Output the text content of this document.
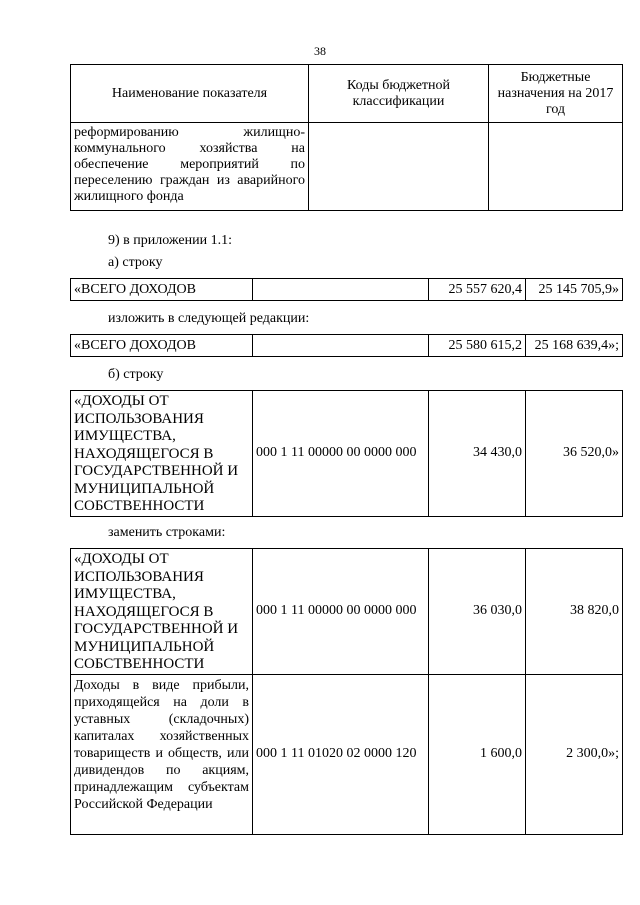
38
Наименование показателя	Коды бюджетной классификации	Бюджетные назначения на 2017 год
реформированию жилищно-коммунального хозяйства на обеспечение мероприятий по переселению граждан из аварийного жилищного фонда		
9) в приложении 1.1:
а) строку
«ВСЕГО ДОХОДОВ		25 557 620,4	25 145 705,9»
изложить в следующей редакции:
«ВСЕГО ДОХОДОВ		25 580 615,2	25 168 639,4»;
б) строку
«ДОХОДЫ ОТ ИСПОЛЬЗОВАНИЯ ИМУЩЕСТВА, НАХОДЯЩЕГОСЯ В ГОСУДАРСТВЕННОЙ И МУНИЦИПАЛЬНОЙ СОБСТВЕННОСТИ	000 1 11 00000 00 0000 000	34 430,0	36 520,0»
заменить строками:
«ДОХОДЫ ОТ ИСПОЛЬЗОВАНИЯ ИМУЩЕСТВА, НАХОДЯЩЕГОСЯ В ГОСУДАРСТВЕННОЙ И МУНИЦИПАЛЬНОЙ СОБСТВЕННОСТИ	000 1 11 00000 00 0000 000	36 030,0	38 820,0
Доходы в виде прибыли, приходящейся на доли в уставных (складочных) капиталах хозяйственных товариществ и обществ, или дивидендов по акциям, принадлежащим субъектам Российской Федерации	000 1 11 01020 02 0000 120	1 600,0	2 300,0»;
